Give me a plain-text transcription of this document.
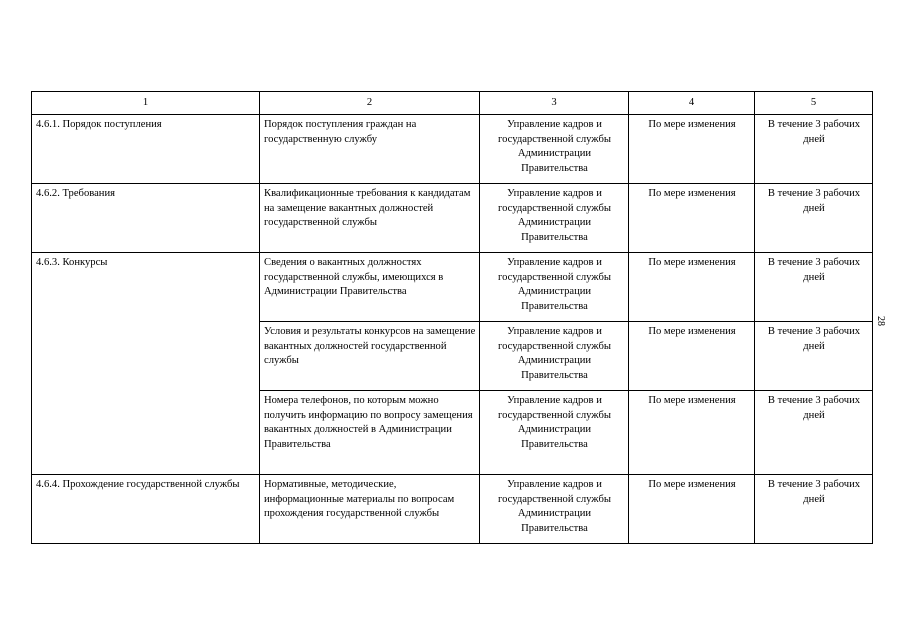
1	2	3	4	5
4.6.1. Порядок поступления	Порядок поступления граждан на государственную службу	Управление кадров и государственной службы Администрации Правительства	По мере изменения	В течение 3 рабочих дней
4.6.2. Требования	Квалификационные требования к кандидатам на замещение вакантных должностей государственной службы	Управление кадров и государственной службы Администрации Правительства	По мере изменения	В течение 3 рабочих дней
4.6.3. Конкурсы	Сведения о вакантных должностях государственной службы, имеющихся в Администрации Правительства	Управление кадров и государственной службы Администрации Правительства	По мере изменения	В течение 3 рабочих дней
	Условия и результаты конкурсов на замещение вакантных должностей государственной службы	Управление кадров и государственной службы Администрации Правительства	По мере изменения	В течение 3 рабочих дней
	Номера телефонов, по которым можно получить информацию по вопросу замещения вакантных должностей в Администрации Правительства	Управление кадров и государственной службы Администрации Правительства	По мере изменения	В течение 3 рабочих дней
4.6.4. Прохождение государственной службы	Нормативные, методические, информационные материалы по вопросам прохождения государственной службы	Управление кадров и государственной службы Администрации Правительства	По мере изменения	В течение 3 рабочих дней
28
